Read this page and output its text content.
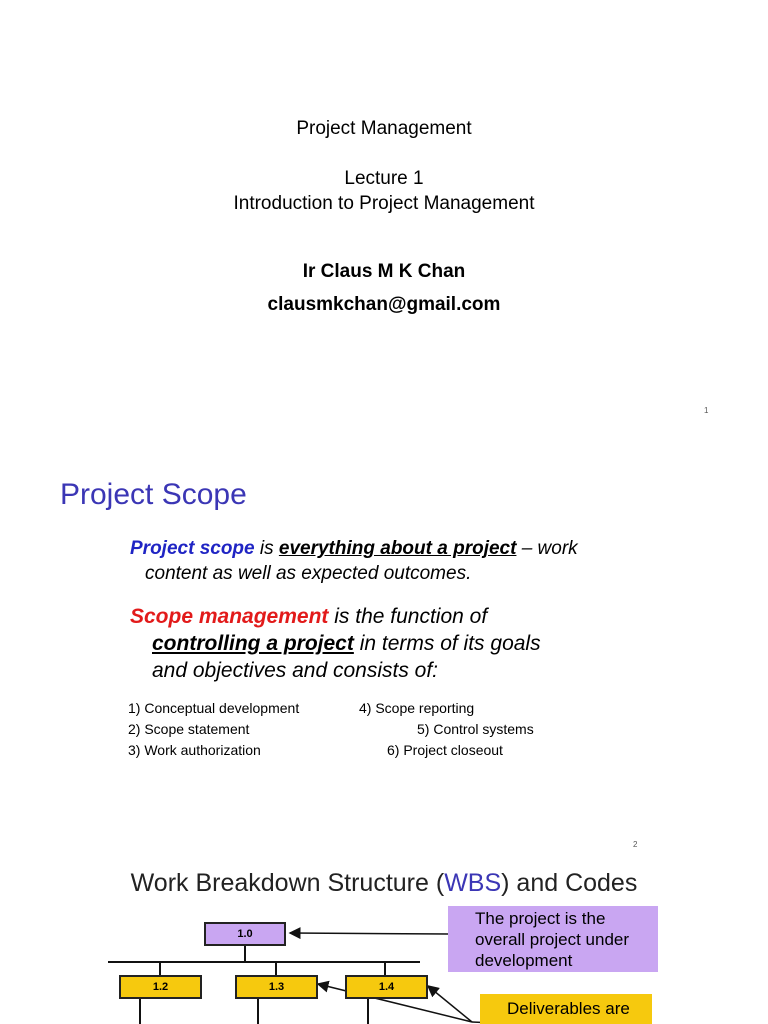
Project Management
Lecture 1
Introduction to Project Management
Ir Claus M K Chan
clausmkchan@gmail.com
1
Project Scope
Project scope is everything about a project – work
content as well as expected outcomes.
Scope management is the function of
controlling a project in terms of its goals
and objectives and consists of:
1) Conceptual development
2) Scope statement
3) Work authorization
4) Scope reporting
5) Control systems
6) Project closeout
2
Work Breakdown Structure (WBS) and Codes
1.0
1.2	1.3	1.4
The project is the overall project under development
Deliverables are
